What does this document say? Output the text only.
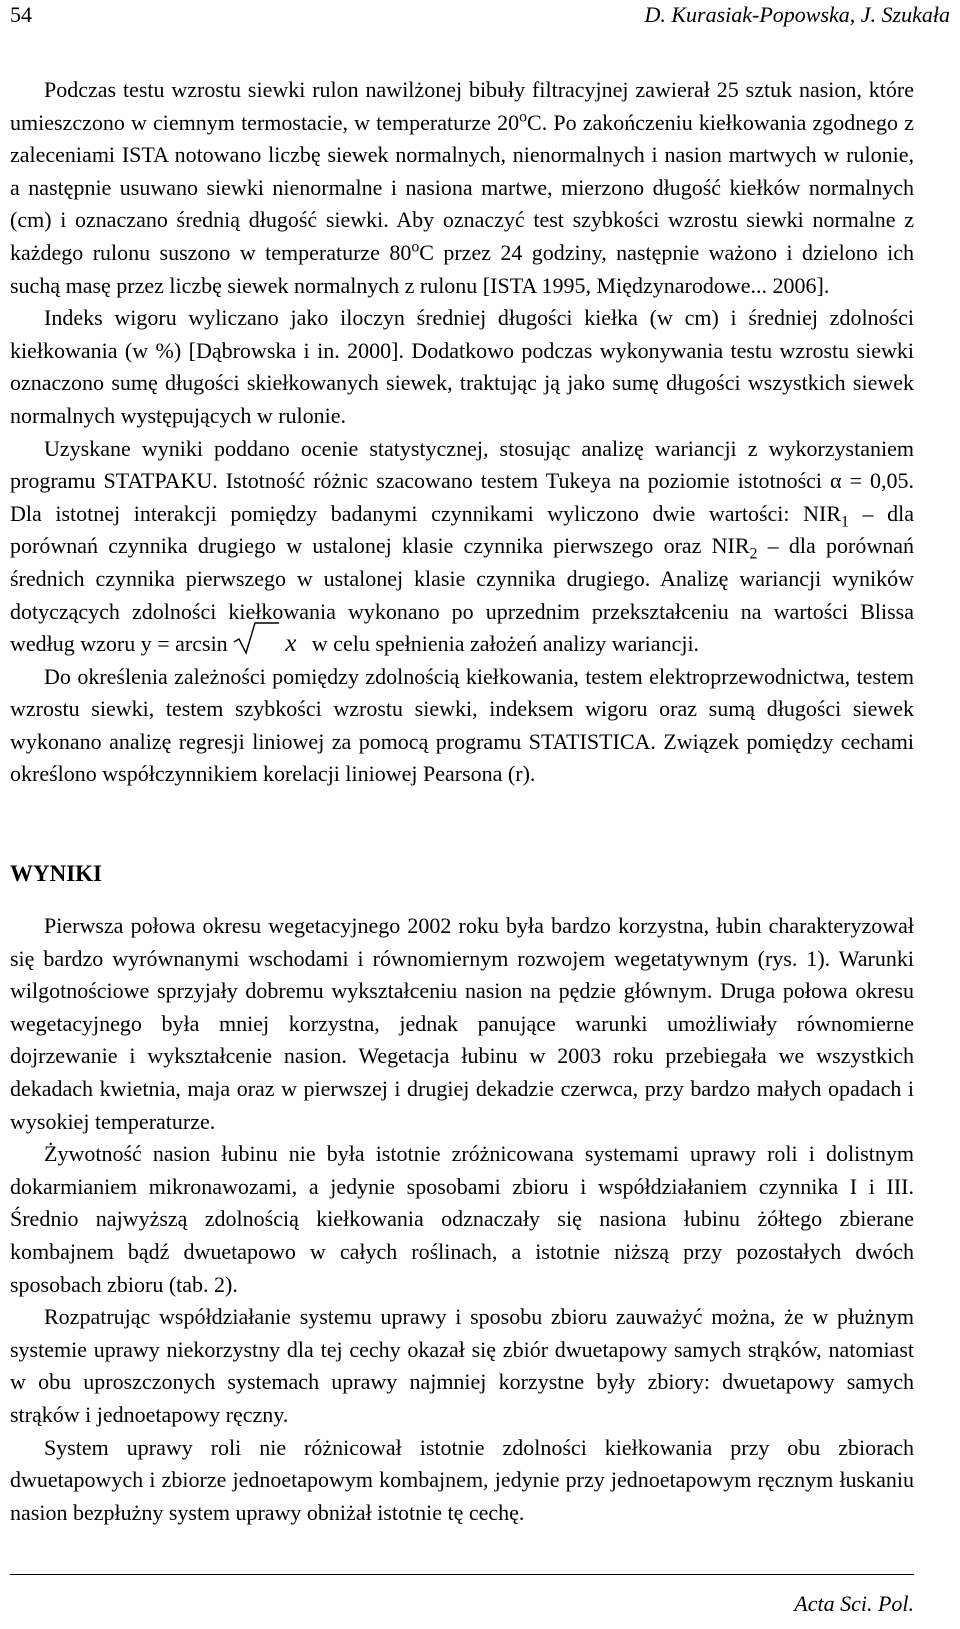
54	D. Kurasiak-Popowska, J. Szukała

Podczas testu wzrostu siewki rulon nawilżonej bibuły filtracyjnej zawierał 25 sztuk nasion, które umieszczono w ciemnym termostacie, w temperaturze 20$^o$C. Po zakończeniu kiełkowania zgodnego z zaleceniami ISTA notowano liczbę siewek normalnych, nienormalnych i nasion martwych w rulonie, a następnie usuwano siewki nienormalne i nasiona martwe, mierzono długość kiełków normalnych (cm) i oznaczano średnią długość siewki. Aby oznaczyć test szybkości wzrostu siewki normalne z każdego rulonu suszono w temperaturze 80$^o$C przez 24 godziny, następnie ważono i dzielono ich suchą masę przez liczbę siewek normalnych z rulonu [ISTA 1995, Międzynarodowe... 2006].

Indeks wigoru wyliczano jako iloczyn średniej długości kiełka (w cm) i średniej zdolności kiełkowania (w %) [Dąbrowska i in. 2000]. Dodatkowo podczas wykonywania testu wzrostu siewki oznaczono sumę długości skiełkowanych siewek, traktując ją jako sumę długości wszystkich siewek normalnych występujących w rulonie.

Uzyskane wyniki poddano ocenie statystycznej, stosując analizę wariancji z wykorzystaniem programu STATPAKU. Istotność różnic szacowano testem Tukeya na poziomie istotności α = 0,05. Dla istotnej interakcji pomiędzy badanymi czynnikami wyliczono dwie wartości: $NIR_1$ – dla porównań czynnika drugiego w ustalonej klasie czynnika pierwszego oraz $NIR_2$ – dla porównań średnich czynnika pierwszego w ustalonej klasie czynnika drugiego. Analizę wariancji wyników dotyczących zdolności kiełkowania wykonano po uprzednim przekształceniu na wartości Blissa według wzoru y = arcsin
x w celu spełnienia założeń analizy wariancji.

Do określenia zależności pomiędzy zdolnością kiełkowania, testem elektroprzewodnictwa, testem wzrostu siewki, testem szybkości wzrostu siewki, indeksem wigoru oraz sumą długości siewek wykonano analizę regresji liniowej za pomocą programu STATISTICA. Związek pomiędzy cechami określono współczynnikiem korelacji liniowej Pearsona (r).

WYNIKI

Pierwsza połowa okresu wegetacyjnego 2002 roku była bardzo korzystna, łubin charakteryzował się bardzo wyrównanymi wschodami i równomiernym rozwojem wegetatywnym (rys. 1). Warunki wilgotnościowe sprzyjały dobremu wykształceniu nasion na pędzie głównym. Druga połowa okresu wegetacyjnego była mniej korzystna, jednak panujące warunki umożliwiały równomierne dojrzewanie i wykształcenie nasion. Wegetacja łubinu w 2003 roku przebiegała we wszystkich dekadach kwietnia, maja oraz w pierwszej i drugiej dekadzie czerwca, przy bardzo małych opadach i wysokiej temperaturze.

Żywotność nasion łubinu nie była istotnie zróżnicowana systemami uprawy roli i dolistnym dokarmianiem mikronawozami, a jedynie sposobami zbioru i współdziałaniem czynnika I i III. Średnio najwyższą zdolnością kiełkowania odznaczały się nasiona łubinu żółtego zbierane kombajnem bądź dwuetapowo w całych roślinach, a istotnie niższą przy pozostałych dwóch sposobach zbioru (tab. 2).

Rozpatrując współdziałanie systemu uprawy i sposobu zbioru zauważyć można, że w płużnym systemie uprawy niekorzystny dla tej cechy okazał się zbiór dwuetapowy samych strąków, natomiast w obu uproszczonych systemach uprawy najmniej korzystne były zbiory: dwuetapowy samych strąków i jednoetapowy ręczny.

System uprawy roli nie różnicował istotnie zdolności kiełkowania przy obu zbiorach dwuetapowych i zbiorze jednoetapowym kombajnem, jedynie przy jednoetapowym ręcznym łuskaniu nasion bezpłużny system uprawy obniżał istotnie tę cechę.

Acta Sci. Pol.
